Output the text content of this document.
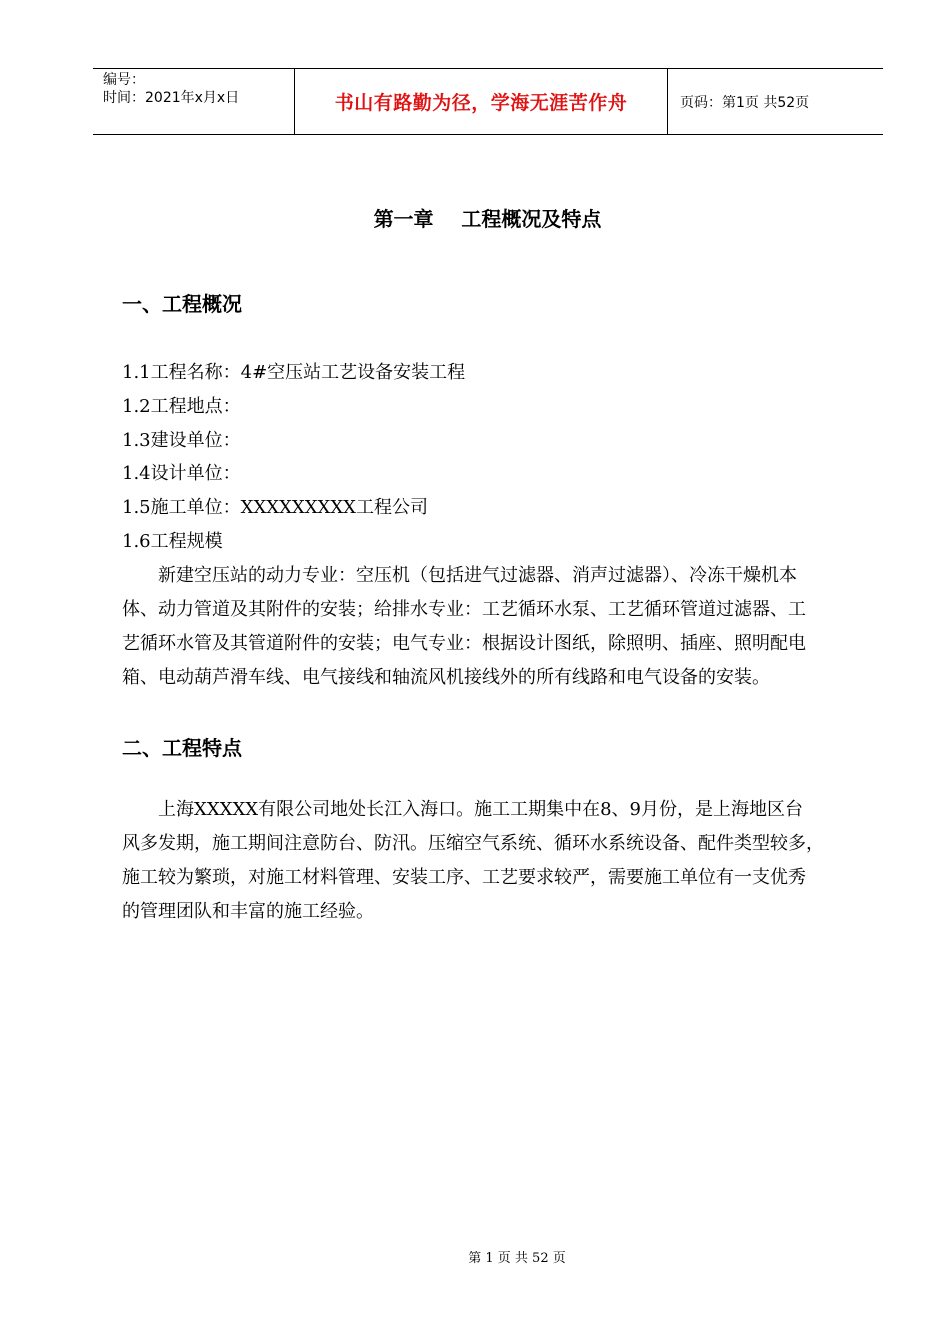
编号：
时间：2021年x月x日	书山有路勤为径，学海无涯苦作舟	页码：第1页 共52页
第一章    工程概况及特点
一、工程概况
1.1工程名称：4#空压站工艺设备安装工程
1.2工程地点：
1.3建设单位：
1.4设计单位：
1.5施工单位：XXXXXXXXX工程公司
1.6工程规模
　　新建空压站的动力专业：空压机（包括进气过滤器、消声过滤器）、冷冻干燥机本
体、动力管道及其附件的安装；给排水专业：工艺循环水泵、工艺循环管道过滤器、工
艺循环水管及其管道附件的安装；电气专业：根据设计图纸，除照明、插座、照明配电
箱、电动葫芦滑车线、电气接线和轴流风机接线外的所有线路和电气设备的安装。
二、工程特点
　　上海XXXXX有限公司地处长江入海口。施工工期集中在8、9月份，是上海地区台
风多发期，施工期间注意防台、防汛。压缩空气系统、循环水系统设备、配件类型较多，
施工较为繁琐，对施工材料管理、安装工序、工艺要求较严，需要施工单位有一支优秀
的管理团队和丰富的施工经验。
第 1 页 共 52 页
